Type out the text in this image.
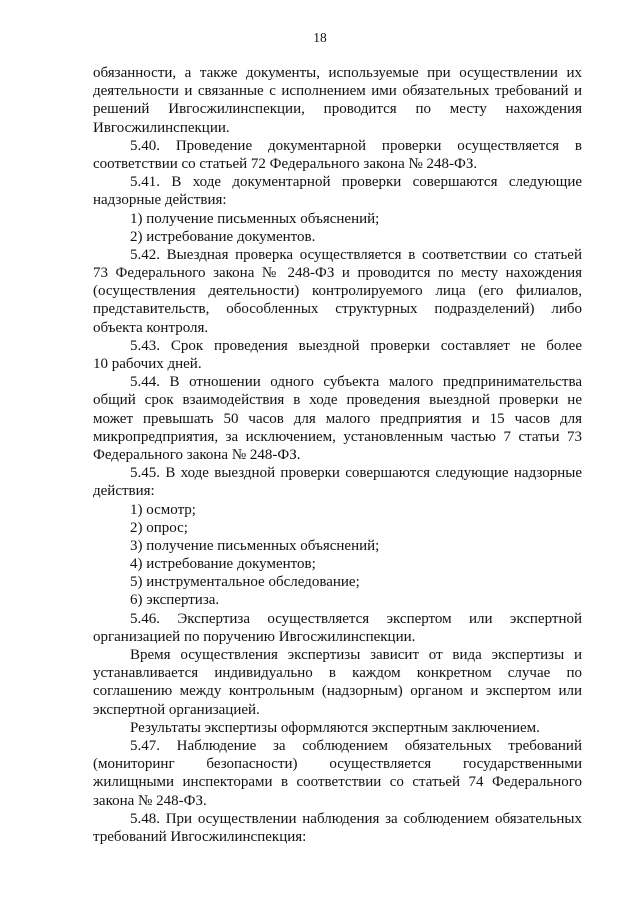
18
обязанности, а также документы, используемые при осуществлении их
деятельности и связанные с исполнением ими обязательных требований и
решений Ивгосжилинспекции, проводится по месту нахождения
Ивгосжилинспекции.
5.40. Проведение документарной проверки осуществляется в
соответствии со статьей 72 Федерального закона № 248-ФЗ.
5.41. В ходе документарной проверки совершаются следующие
надзорные действия:
1) получение письменных объяснений;
2) истребование документов.
5.42. Выездная проверка осуществляется в соответствии со статьей
73 Федерального закона № 248-ФЗ и проводится по месту нахождения
(осуществления деятельности) контролируемого лица (его филиалов,
представительств, обособленных структурных подразделений) либо
объекта контроля.
5.43. Срок проведения выездной проверки составляет не более
10 рабочих дней.
5.44. В отношении одного субъекта малого предпринимательства
общий срок взаимодействия в ходе проведения выездной проверки не
может превышать 50 часов для малого предприятия и 15 часов для
микропредприятия, за исключением, установленным частью 7 статьи 73
Федерального закона № 248-ФЗ.
5.45. В ходе выездной проверки совершаются следующие надзорные
действия:
1) осмотр;
2) опрос;
3) получение письменных объяснений;
4) истребование документов;
5) инструментальное обследование;
6) экспертиза.
5.46. Экспертиза осуществляется экспертом или экспертной
организацией по поручению Ивгосжилинспекции.
Время осуществления экспертизы зависит от вида экспертизы и
устанавливается индивидуально в каждом конкретном случае по
соглашению между контрольным (надзорным) органом и экспертом или
экспертной организацией.
Результаты экспертизы оформляются экспертным заключением.
5.47. Наблюдение за соблюдением обязательных требований
(мониторинг безопасности) осуществляется государственными
жилищными инспекторами в соответствии со статьей 74 Федерального
закона № 248-ФЗ.
5.48. При осуществлении наблюдения за соблюдением обязательных
требований Ивгосжилинспекция:
